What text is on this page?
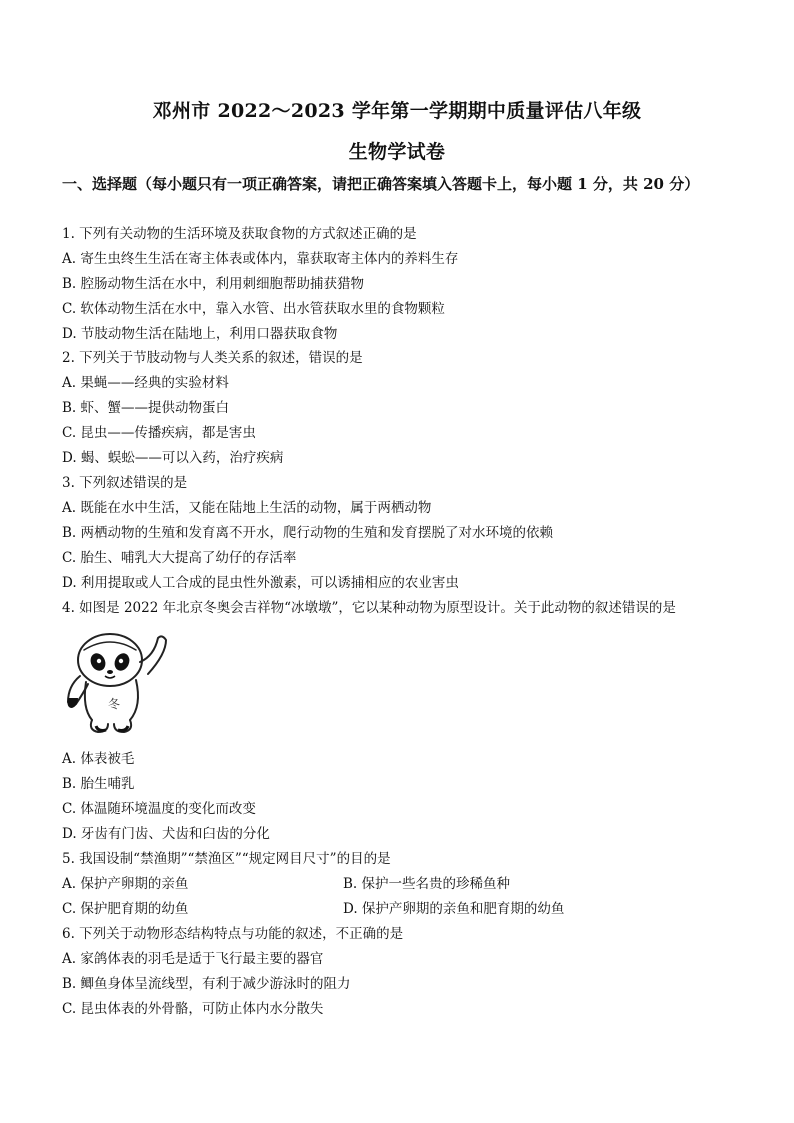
邓州市 2022～2023 学年第一学期期中质量评估八年级
生物学试卷
一、选择题（每小题只有一项正确答案，请把正确答案填入答题卡上，每小题 1 分，共 20 分）
1. 下列有关动物的生活环境及获取食物的方式叙述正确的是
A. 寄生虫终生生活在寄主体表或体内，靠获取寄主体内的养料生存
B. 腔肠动物生活在水中，利用刺细胞帮助捕获猎物
C. 软体动物生活在水中，靠入水管、出水管获取水里的食物颗粒
D. 节肢动物生活在陆地上，利用口器获取食物
2. 下列关于节肢动物与人类关系的叙述，错误的是
A. 果蝇——经典的实验材料
B. 虾、蟹——提供动物蛋白
C. 昆虫——传播疾病，都是害虫
D. 蝎、蜈蚣——可以入药，治疗疾病
3. 下列叙述错误的是
A. 既能在水中生活，又能在陆地上生活的动物，属于两栖动物
B. 两栖动物的生殖和发育离不开水，爬行动物的生殖和发育摆脱了对水环境的依赖
C. 胎生、哺乳大大提高了幼仔的存活率
D. 利用提取或人工合成的昆虫性外激素，可以诱捕相应的农业害虫
4. 如图是 2022 年北京冬奥会吉祥物“冰墩墩”，它以某种动物为原型设计。关于此动物的叙述错误的是
冬
A. 体表被毛
B. 胎生哺乳
C. 体温随环境温度的变化而改变
D. 牙齿有门齿、犬齿和臼齿的分化
5. 我国设制“禁渔期”“禁渔区”“规定网目尺寸”的目的是
A. 保护产卵期的亲鱼	B. 保护一些名贵的珍稀鱼种
C. 保护肥育期的幼鱼	D. 保护产卵期的亲鱼和肥育期的幼鱼
6. 下列关于动物形态结构特点与功能的叙述，不正确的是
A. 家鸽体表的羽毛是适于飞行最主要的器官
B. 鲫鱼身体呈流线型，有利于减少游泳时的阻力
C. 昆虫体表的外骨骼，可防止体内水分散失
